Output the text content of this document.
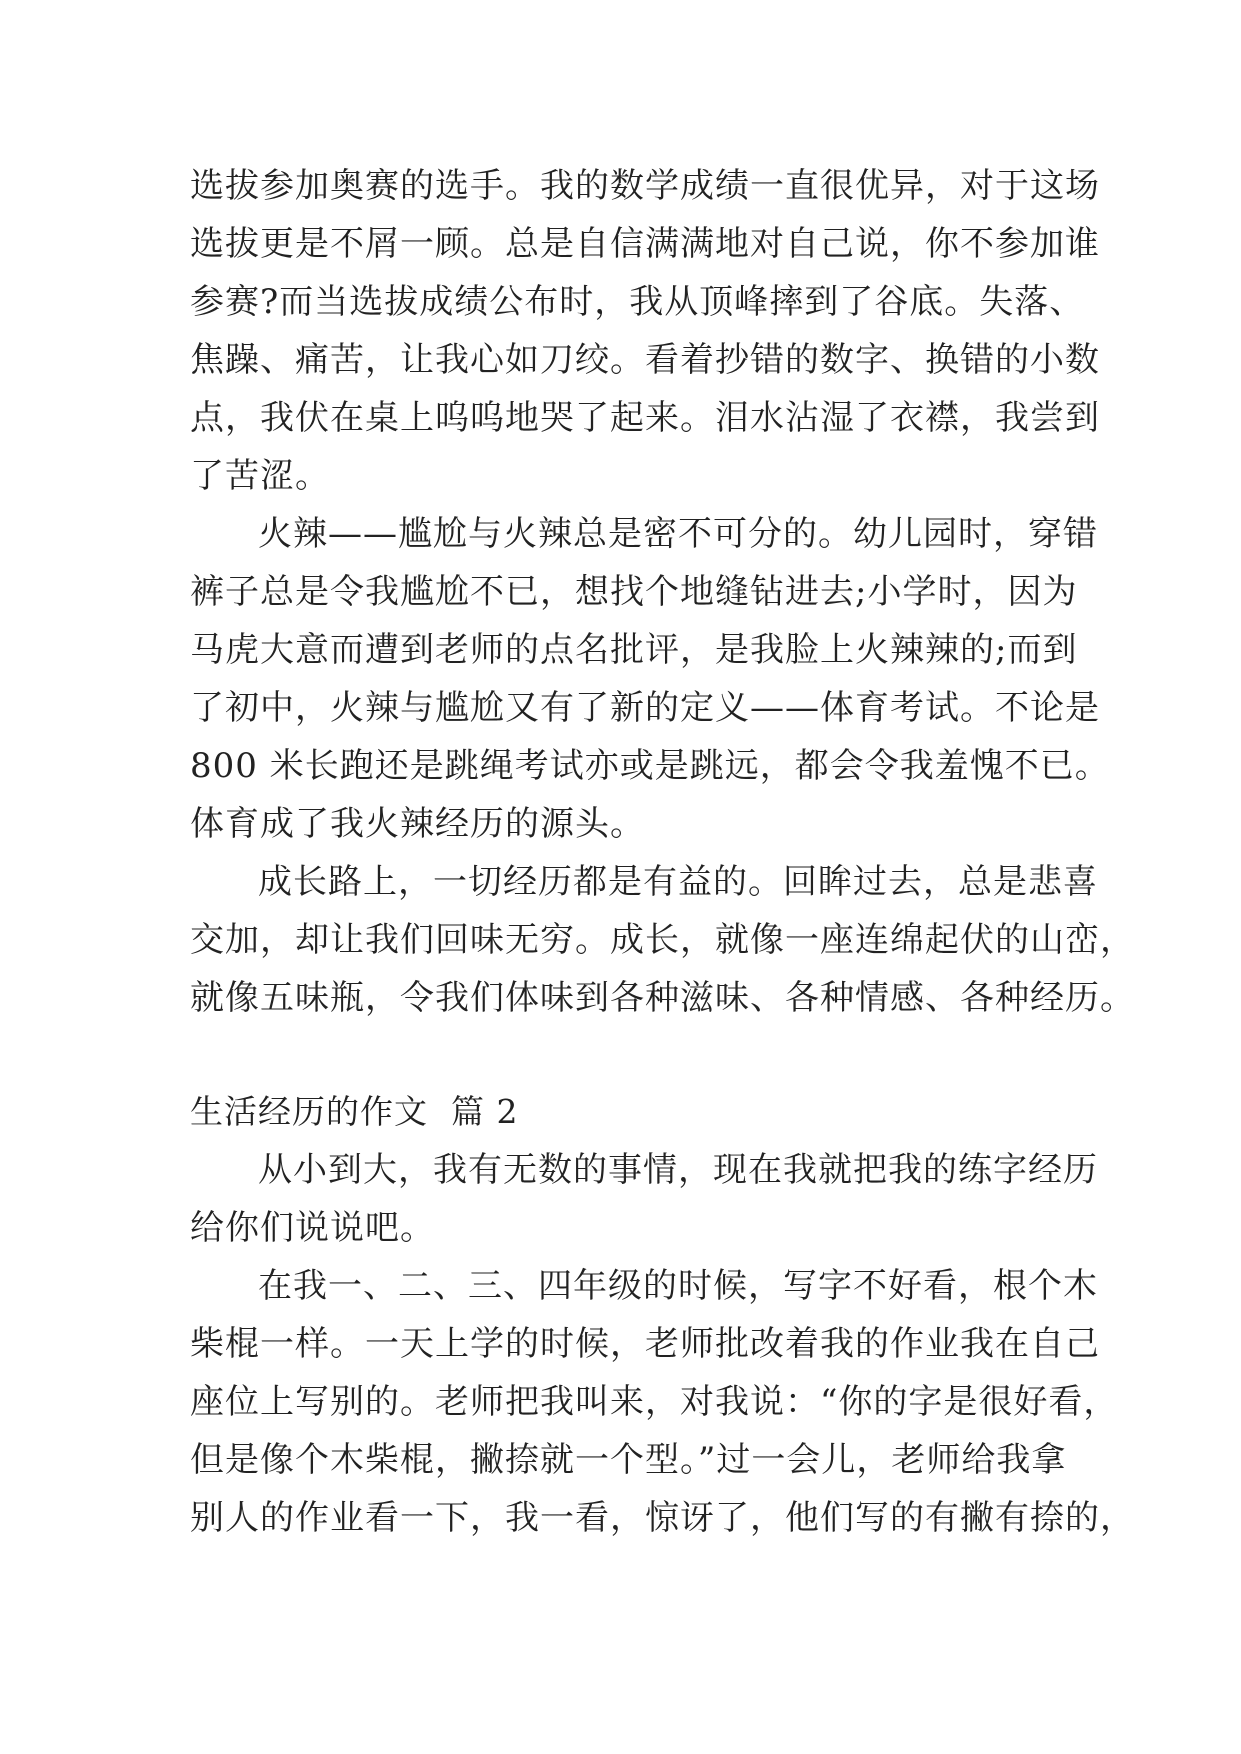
选拔参加奥赛的选手。我的数学成绩一直很优异，对于这场
选拔更是不屑一顾。总是自信满满地对自己说，你不参加谁
参赛?而当选拔成绩公布时，我从顶峰摔到了谷底。失落、
焦躁、痛苦，让我心如刀绞。看着抄错的数字、换错的小数
点，我伏在桌上呜呜地哭了起来。泪水沾湿了衣襟，我尝到
了苦涩。
火辣——尴尬与火辣总是密不可分的。幼儿园时，穿错
裤子总是令我尴尬不已，想找个地缝钻进去;小学时，因为
马虎大意而遭到老师的点名批评，是我脸上火辣辣的;而到
了初中，火辣与尴尬又有了新的定义——体育考试。不论是
800 米长跑还是跳绳考试亦或是跳远，都会令我羞愧不已。
体育成了我火辣经历的源头。
成长路上，一切经历都是有益的。回眸过去，总是悲喜
交加，却让我们回味无穷。成长，就像一座连绵起伏的山峦，
就像五味瓶，令我们体味到各种滋味、各种情感、各种经历。
生活经历的作文  篇 2
从小到大，我有无数的事情，现在我就把我的练字经历
给你们说说吧。
在我一、二、三、四年级的时候，写字不好看，根个木
柴棍一样。一天上学的时候，老师批改着我的作业我在自己
座位上写别的。老师把我叫来，对我说：“你的字是很好看，
但是像个木柴棍，撇捺就一个型。”过一会儿，老师给我拿
别人的作业看一下，我一看，惊讶了，他们写的有撇有捺的，
